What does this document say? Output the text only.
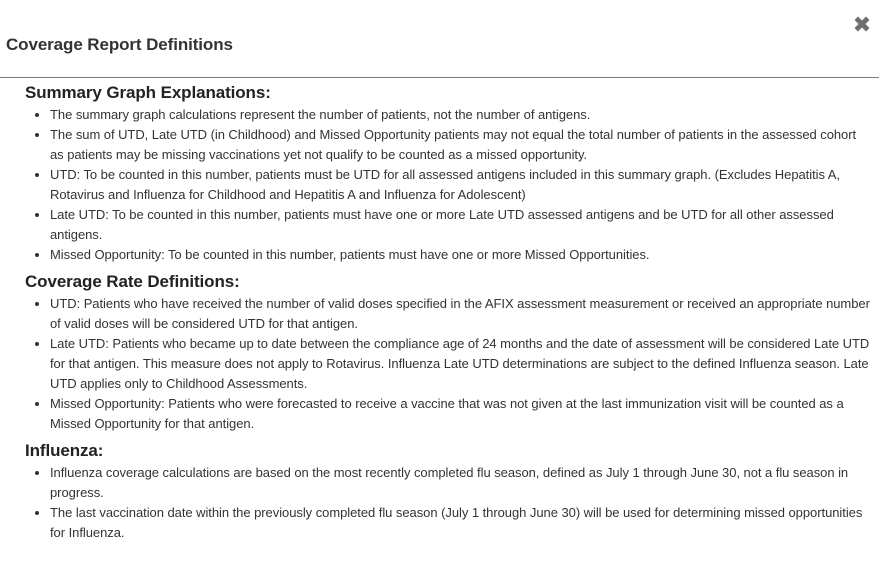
Coverage Report Definitions
Summary Graph Explanations:
• The summary graph calculations represent the number of patients, not the number of antigens.
• The sum of UTD, Late UTD (in Childhood) and Missed Opportunity patients may not equal the total number of patients in the assessed cohort as patients may be missing vaccinations yet not qualify to be counted as a missed opportunity.
• UTD: To be counted in this number, patients must be UTD for all assessed antigens included in this summary graph. (Excludes Hepatitis A, Rotavirus and Influenza for Childhood and Hepatitis A and Influenza for Adolescent)
• Late UTD: To be counted in this number, patients must have one or more Late UTD assessed antigens and be UTD for all other assessed antigens.
• Missed Opportunity: To be counted in this number, patients must have one or more Missed Opportunities.
Coverage Rate Definitions:
• UTD: Patients who have received the number of valid doses specified in the AFIX assessment measurement or received an appropriate number of valid doses will be considered UTD for that antigen.
• Late UTD: Patients who became up to date between the compliance age of 24 months and the date of assessment will be considered Late UTD for that antigen. This measure does not apply to Rotavirus. Influenza Late UTD determinations are subject to the defined Influenza season. Late UTD applies only to Childhood Assessments.
• Missed Opportunity: Patients who were forecasted to receive a vaccine that was not given at the last immunization visit will be counted as a Missed Opportunity for that antigen.
Influenza:
• Influenza coverage calculations are based on the most recently completed flu season, defined as July 1 through June 30, not a flu season in progress.
• The last vaccination date within the previously completed flu season (July 1 through June 30) will be used for determining missed opportunities for Influenza.
